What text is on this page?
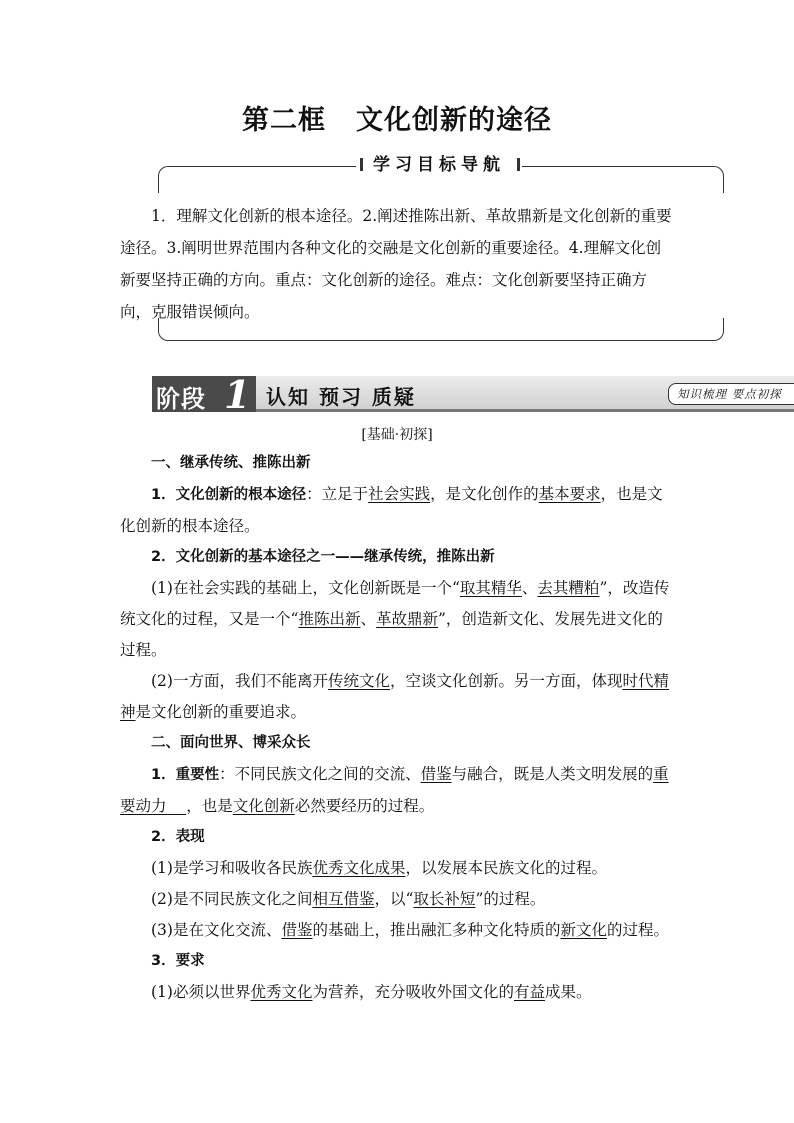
第二框 文化创新的途径
学习目标导航
1．理解文化创新的根本途径。2.阐述推陈出新、革故鼎新是文化创新的重要途径。3.阐明世界范围内各种文化的交融是文化创新的重要途径。4.理解文化创新要坚持正确的方向。重点：文化创新的途径。难点：文化创新要坚持正确方向，克服错误倾向。
阶段 1 认知 预习 质疑	知识梳理 要点初探
[基础·初探]

一、继承传统、推陈出新

1．文化创新的根本途径：立足于社会实践，是文化创作的基本要求，也是文化创新的根本途径。

2．文化创新的基本途径之一——继承传统，推陈出新

(1)在社会实践的基础上，文化创新既是一个“取其精华、去其糟粕”，改造传统文化的过程，又是一个“推陈出新、革故鼎新”，创造新文化、发展先进文化的过程。

(2)一方面，我们不能离开传统文化，空谈文化创新。另一方面，体现时代精神是文化创新的重要追求。

二、面向世界、博采众长

1．重要性：不同民族文化之间的交流、借鉴与融合，既是人类文明发展的重要动力 ，也是文化创新必然要经历的过程。

2．表现

(1)是学习和吸收各民族优秀文化成果，以发展本民族文化的过程。

(2)是不同民族文化之间相互借鉴，以“取长补短”的过程。

(3)是在文化交流、借鉴的基础上，推出融汇多种文化特质的新文化的过程。

3．要求

(1)必须以世界优秀文化为营养，充分吸收外国文化的有益成果。
